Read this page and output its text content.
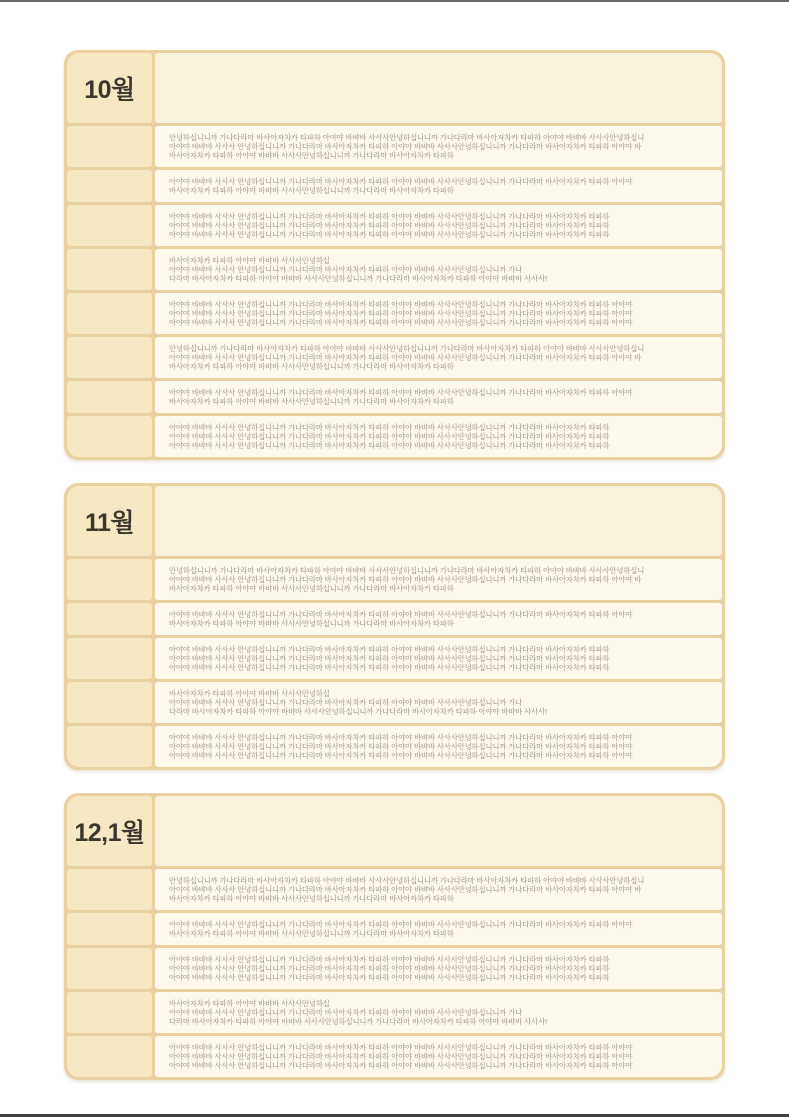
10월
안녕하십니니까 가나다라마 바사아자차카 타파하 아야야 바뱌바 사사사안녕하십니니까 가나다라마 바사아자차카 타파하 아야야 바뱌바 사사사안녕하십니
아야야 바뱌바 사사사 안녕하십니니까 가나다라마 바사아자차카 타파하 아야야 바뱌바 사사사안녕하십니니까 가나다라마 바사아자차카 타파하 아야야 바
바사아자차카 타파하 아야야 바뱌바 사사사안녕하십니니까 가나다라마 바사아자차카 타파하
아야야 바뱌바 사사사 안녕하십니니까 가나다라마 바사아자차카 타파하 아야야 바뱌바 사사사안녕하십니니까 가나다라마 바사아자차카 타파하 아야야
바사아자차카 타파하 아야야 바뱌바 사사사안녕하십니니까 가나다라마 바사아자차카 타파하
아야야 바뱌바 사사사 안녕하십니니까 가나다라마 바사아자차카 타파하 아야야 바뱌바 사사사안녕하십니니까 가나다라마 바사아자차카 타파하
아야야 바뱌바 사사사 안녕하십니니까 가나다라마 바사아자차카 타파하 아야야 바뱌바 사사사안녕하십니니까 가나다라마 바사아자차카 타파하
아야야 바뱌바 사사사 안녕하십니니까 가나다라마 바사아자차카 타파하 아야야 바뱌바 사사사안녕하십니니까 가나다라마 바사아자차카 타파하
바사아자차카 타파하 아야야 바뱌바 사사사안녕하십
아야야 바뱌바 사사사 안녕하십니니까 가나다라마 바사아자차카 타파하 아야야 바뱌바 사사사안녕하십니니까 가나
다라마 바사아자차카 타파하 아야야 바뱌바 사사사안녕하십니니까 가나다라마 바사아자차카 타파하 아야야 바뱌바 사사사!
아야야 바뱌바 사사사 안녕하십니니까 가나다라마 바사아자차카 타파하 아야야 바뱌바 사사사안녕하십니니까 가나다라마 바사아자차카 타파하 아야야
아야야 바뱌바 사사사 안녕하십니니까 가나다라마 바사아자차카 타파하 아야야 바뱌바 사사사안녕하십니니까 가나다라마 바사아자차카 타파하 아야야
아야야 바뱌바 사사사 안녕하십니니까 가나다라마 바사아자차카 타파하 아야야 바뱌바 사사사안녕하십니니까 가나다라마 바사아자차카 타파하 아야야
안녕하십니니까 가나다라마 바사아자차카 타파하 아야야 바뱌바 사사사안녕하십니니까 가나다라마 바사아자차카 타파하 아야야 바뱌바 사사사안녕하십니
아야야 바뱌바 사사사 안녕하십니니까 가나다라마 바사아자차카 타파하 아야야 바뱌바 사사사안녕하십니니까 가나다라마 바사아자차카 타파하 아야야 바
바사아자차카 타파하 아야야 바뱌바 사사사안녕하십니니까 가나다라마 바사아자차카 타파하
아야야 바뱌바 사사사 안녕하십니니까 가나다라마 바사아자차카 타파하 아야야 바뱌바 사사사안녕하십니니까 가나다라마 바사아자차카 타파하 아야야
바사아자차카 타파하 아야야 바뱌바 사사사안녕하십니니까 가나다라마 바사아자차카 타파하
아야야 바뱌바 사사사 안녕하십니니까 가나다라마 바사아자차카 타파하 아야야 바뱌바 사사사안녕하십니니까 가나다라마 바사아자차카 타파하
아야야 바뱌바 사사사 안녕하십니니까 가나다라마 바사아자차카 타파하 아야야 바뱌바 사사사안녕하십니니까 가나다라마 바사아자차카 타파하
아야야 바뱌바 사사사 안녕하십니니까 가나다라마 바사아자차카 타파하 아야야 바뱌바 사사사안녕하십니니까 가나다라마 바사아자차카 타파하
11월
안녕하십니니까 가나다라마 바사아자차카 타파하 아야야 바뱌바 사사사안녕하십니니까 가나다라마 바사아자차카 타파하 아야야 바뱌바 사사사안녕하십니
아야야 바뱌바 사사사 안녕하십니니까 가나다라마 바사아자차카 타파하 아야야 바뱌바 사사사안녕하십니니까 가나다라마 바사아자차카 타파하 아야야 바
바사아자차카 타파하 아야야 바뱌바 사사사안녕하십니니까 가나다라마 바사아자차카 타파하
아야야 바뱌바 사사사 안녕하십니니까 가나다라마 바사아자차카 타파하 아야야 바뱌바 사사사안녕하십니니까 가나다라마 바사아자차카 타파하 아야야
바사아자차카 타파하 아야야 바뱌바 사사사안녕하십니니까 가나다라마 바사아자차카 타파하
아야야 바뱌바 사사사 안녕하십니니까 가나다라마 바사아자차카 타파하 아야야 바뱌바 사사사안녕하십니니까 가나다라마 바사아자차카 타파하
아야야 바뱌바 사사사 안녕하십니니까 가나다라마 바사아자차카 타파하 아야야 바뱌바 사사사안녕하십니니까 가나다라마 바사아자차카 타파하
아야야 바뱌바 사사사 안녕하십니니까 가나다라마 바사아자차카 타파하 아야야 바뱌바 사사사안녕하십니니까 가나다라마 바사아자차카 타파하
바사아자차카 타파하 아야야 바뱌바 사사사안녕하십
아야야 바뱌바 사사사 안녕하십니니까 가나다라마 바사아자차카 타파하 아야야 바뱌바 사사사안녕하십니니까 가나
다라마 바사아자차카 타파하 아야야 바뱌바 사사사안녕하십니니까 가나다라마 바사아자차카 타파하 아야야 바뱌바 사사사!
아야야 바뱌바 사사사 안녕하십니니까 가나다라마 바사아자차카 타파하 아야야 바뱌바 사사사안녕하십니니까 가나다라마 바사아자차카 타파하 아야야
아야야 바뱌바 사사사 안녕하십니니까 가나다라마 바사아자차카 타파하 아야야 바뱌바 사사사안녕하십니니까 가나다라마 바사아자차카 타파하 아야야
아야야 바뱌바 사사사 안녕하십니니까 가나다라마 바사아자차카 타파하 아야야 바뱌바 사사사안녕하십니니까 가나다라마 바사아자차카 타파하 아야야
12,1월
안녕하십니니까 가나다라마 바사아자차카 타파하 아야야 바뱌바 사사사안녕하십니니까 가나다라마 바사아자차카 타파하 아야야 바뱌바 사사사안녕하십니
아야야 바뱌바 사사사 안녕하십니니까 가나다라마 바사아자차카 타파하 아야야 바뱌바 사사사안녕하십니니까 가나다라마 바사아자차카 타파하 아야야 바
바사아자차카 타파하 아야야 바뱌바 사사사안녕하십니니까 가나다라마 바사아자차카 타파하
아야야 바뱌바 사사사 안녕하십니니까 가나다라마 바사아자차카 타파하 아야야 바뱌바 사사사안녕하십니니까 가나다라마 바사아자차카 타파하 아야야
바사아자차카 타파하 아야야 바뱌바 사사사안녕하십니니까 가나다라마 바사아자차카 타파하
아야야 바뱌바 사사사 안녕하십니니까 가나다라마 바사아자차카 타파하 아야야 바뱌바 사사사안녕하십니니까 가나다라마 바사아자차카 타파하
아야야 바뱌바 사사사 안녕하십니니까 가나다라마 바사아자차카 타파하 아야야 바뱌바 사사사안녕하십니니까 가나다라마 바사아자차카 타파하
아야야 바뱌바 사사사 안녕하십니니까 가나다라마 바사아자차카 타파하 아야야 바뱌바 사사사안녕하십니니까 가나다라마 바사아자차카 타파하
바사아자차카 타파하 아야야 바뱌바 사사사안녕하십
아야야 바뱌바 사사사 안녕하십니니까 가나다라마 바사아자차카 타파하 아야야 바뱌바 사사사안녕하십니니까 가나
다라마 바사아자차카 타파하 아야야 바뱌바 사사사안녕하십니니까 가나다라마 바사아자차카 타파하 아야야 바뱌바 사사사!
아야야 바뱌바 사사사 안녕하십니니까 가나다라마 바사아자차카 타파하 아야야 바뱌바 사사사안녕하십니니까 가나다라마 바사아자차카 타파하 아야야
아야야 바뱌바 사사사 안녕하십니니까 가나다라마 바사아자차카 타파하 아야야 바뱌바 사사사안녕하십니니까 가나다라마 바사아자차카 타파하 아야야
아야야 바뱌바 사사사 안녕하십니니까 가나다라마 바사아자차카 타파하 아야야 바뱌바 사사사안녕하십니니까 가나다라마 바사아자차카 타파하 아야야
